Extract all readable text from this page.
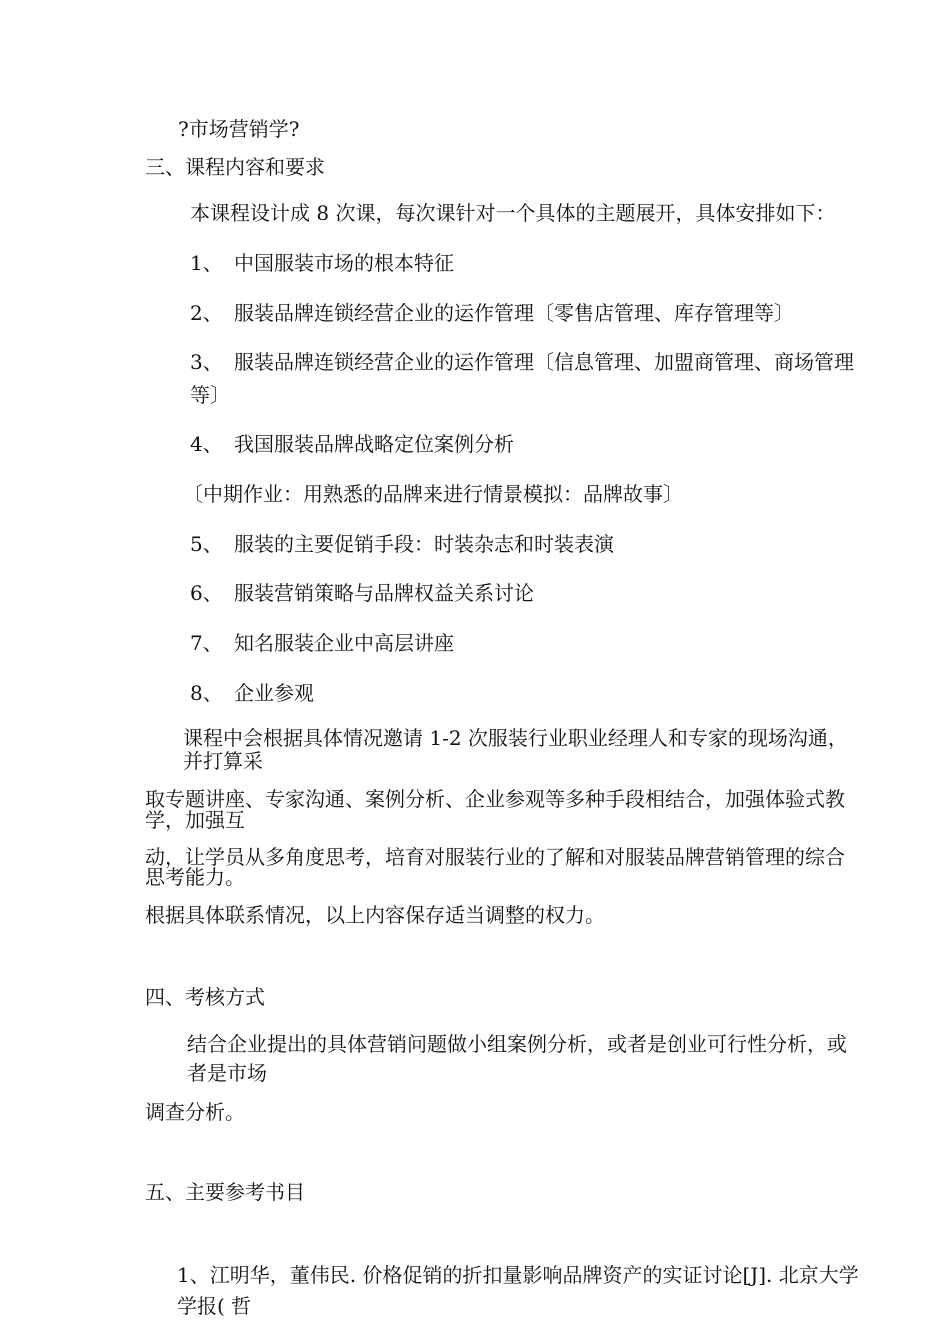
?市场营销学?
三、课程内容和要求
本课程设计成 8 次课，每次课针对一个具体的主题展开，具体安排如下：
1、 中国服装市场的根本特征
2、 服装品牌连锁经营企业的运作管理〔零售店管理、库存管理等〕
3、 服装品牌连锁经营企业的运作管理〔信息管理、加盟商管理、商场管理
等〕
4、 我国服装品牌战略定位案例分析
〔中期作业：用熟悉的品牌来进行情景模拟：品牌故事〕
5、 服装的主要促销手段：时装杂志和时装表演
6、 服装营销策略与品牌权益关系讨论
7、 知名服装企业中高层讲座
8、 企业参观
课程中会根据具体情况邀请 1-2 次服装行业职业经理人和专家的现场沟通，
并打算采
取专题讲座、专家沟通、案例分析、企业参观等多种手段相结合，加强体验式教
学，加强互
动，让学员从多角度思考，培育对服装行业的了解和对服装品牌营销管理的综合
思考能力。
根据具体联系情况，以上内容保存适当调整的权力。
四、考核方式
结合企业提出的具体营销问题做小组案例分析，或者是创业可行性分析，或
者是市场
调查分析。
五、主要参考书目
1、江明华，董伟民. 价格促销的折扣量影响品牌资产的实证讨论[J]. 北京大学
学报( 哲
